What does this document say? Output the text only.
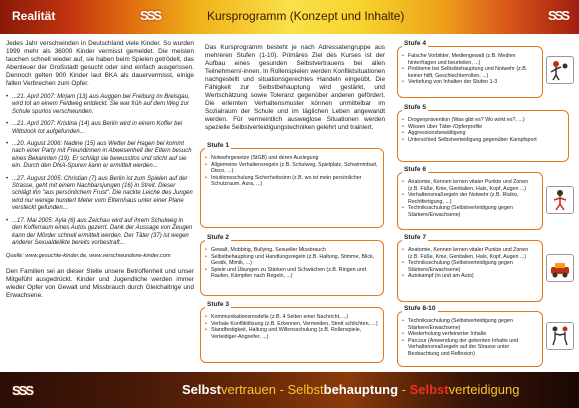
Realität	SSS	Kursprogramm (Konzept und Inhalte)	SSS

Jedes Jahr verschwinden in Deutschland viele Kinder. So wurden 1999 mehr als 36000 Kinder vermisst gemeldet. Die meisten tauchen schnell wieder auf, sie haben beim Spielen getrödelt, das Abenteuer der Großstadt gesucht oder sind einfach ausgerissen. Dennoch gelten 900 Kinder laut BKA als dauervermisst, einige fallen Verbrechen zum Opfer.

• ...21. April 2007: Mirjam (13) aus Auggen bei Freiburg im Breisgau, wird tot an einem Feldweg entdeckt. Sie war früh auf dem Weg zur Schule spurlos verschwunden.
• ...21. April 2007: Kristina (14) aus Berlin wird in einem Koffer bei Wittstock tot aufgefunden...
• ...20. August 2006: Nadine (15) aus Wetter bei Hagen bei kommt nach einer Party mit Freundinnen in Abwesenheit der Eltern besuch eines Bekannten (19). Er schlägt sie bewusstlos und sticht auf sie ein. Durch den DNA-Spuren kann er ermittelt werden...
• ...27. August 2005: Christian (7) aus Berlin ist zum Spielen auf der Strasse, geht mit einem Nachbarsjungen (16) in Streit. Dieser schlägt ihn "aus persönlichem Frust". Die nackte Leiche des Jungen wird nur wenige hundert Meter vom Elternhaus unter einer Plane versteckt gefunden...
• ...17. Mai 2005: Ayla (6) aus Zeichau wird auf ihrem Schulweg in den Kofferraum eines Autos gezerrt. Dank der Aussage von Zeugen kann der Mörder schnell ermittelt werden. Der Täter (37) ist wegen anderer Sexualdelikte bereits vorbestraft...
Quelle: www.gesuchte-kinder.de, www.verschwundene-kinder.com

Den Familien sei an dieser Stelle unsere Betroffenheit und unser Mitgefühl ausgedrückt. Kinder und Jugendliche werden immer wieder Opfer von Gewalt und Missbrauch durch Gleichaltrige und Erwachsene.

Das Kursprogramm besteht je nach Adressatengruppe aus mehreren Stufen (1-10). Primäres Ziel des Kurses ist der Aufbau eines gesunden Selbstvertrauens bei allen Teilnehmern/-innen. In Rollenspielen werden Konfliktsituationen nachgestellt und situationsgerechtes Handeln eingeübt. Die Fähigkeit zur Selbstbehauptung wird gestärkt, und Wertschätzung sowie Toleranz gegenüber anderen gefördert. Die erlernten Verhaltensmuster können unmittelbar im Sozialraum der Schule und im täglichen Leben angewandt werden. Für vermeintlich ausweglose Situationen werden spezielle Selbstverteidigungstechniken gelehrt und trainiert.
Stufe 1
• Notwehrgesetze (StGB) und deren Auslegung
• Allgemeine Verhaltensregeln (z.B. Schulweg, Spielplatz, Schwimmbad, Disco, ...)
• Intuitionsschulung Sicherheitssinn (z.B. wo ist mein persönlicher Schutzraum, Aura, ...)
Stufe 2
• Gewalt, Mobbing, Bullying, Sexueller Missbrauch
• Selbstbehauptung und Handlungsregeln (z.B. Haltung, Stimme, Blick, Gestik, Mimik, ...)
• Spiele und Übungen zu Stärken und Schwächen (z.B. Ringen und Raufen, Kämpfen nach Regeln, ...)
Stufe 3
• Kommunikationsmodelle (z.B. 4 Seiten einer Nachricht, ...)
• Verbale Konfliktlösung (z.B. Erkennen, Vermeiden, Streit schlichten, ...)
• Standfestigkeit, Haltung und Willensschulung (z.B. Rollenspiele, Verteidiger-Angreifer, ...)
Stufe 4
• Falsche Vorbilder, Mediengewalt (z.B. Medien hinterfragen und beurteilen, ...)
• Probleme bei Selbstbehauptung und Notwehr (z.B. keiner hilft, Geschlechterrollen, ...)
• Vertiefung von Inhalten der Stufen 1-3
Stufe 5
• Drogenprävention (Was gibt es? Wo wirkt es?, ...)
• Wissen über Täter-/Opferprofile
• Aggressionsbewältigung
• Unterschied Selbstverteidigung gegenüber Kampfsport
Stufe 6
• Anatomie, Kennen lernen vitaler Punkte und Zonen (z.B. Füße, Knie, Genitalien, Hals, Kopf, Augen ...)
• Verhaltensmaßregeln der Notwehr (z.B. Risiko, Rechtfertigung, ...)
• Techniksschulung (Selbstverteidigung gegen Stärkere/Erwachsene)
Stufe 7
• Anatomie, Kennen lernen vitaler Punkte und Zonen (z.B. Füße, Knie, Genitalien, Hals, Kopf, Augen ...)
• Techniksschulung (Selbstverteidigung gegen Stärkere/Erwachsene)
• Autokampf (in und am Auto)
Stufe 8-10
• Techniksschulung (Selbstverteidigung gegen Stärkere/Erwachsene)
• Wiederholung verfeinerter Inhalte
• Parcour (Anwendung der gelernten Inhalte und Verhaltensmaßregeln auf der Strasse unter Beobachtung und Reflexion)
SSS	Selbstvertrauen - Selbstbehauptung - Selbstverteidigung
